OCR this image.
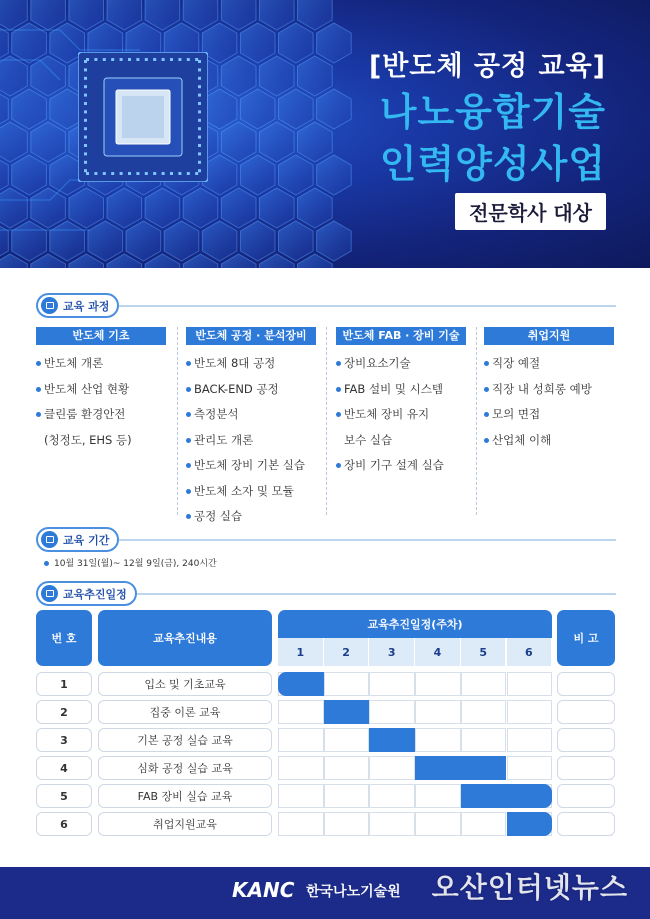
[반도체 공정 교육]
나노융합기술
인력양성사업
전문학사 대상
교육 과정
반도체 기초
반도체 개론
반도체 산업 현황
클린룸 환경안전
(청정도, EHS 등)
반도체 공정 · 분석장비
반도체 8대 공정
BACK-END 공정
측정분석
관리도 개론
반도체 장비 기본 실습
반도체 소자 및 모듈
공정 실습
반도체 FAB · 장비 기술
장비요소기술
FAB 설비 및 시스템
반도체 장비 유지
보수 실습
장비 기구 설계 실습
취업지원
직장 예절
직장 내 성희롱 예방
모의 면접
산업체 이해
교육 기간
10월 31일(월)~ 12월 9일(금), 240시간
교육추진일정
번 호	교육추진내용
교육추진일정(주차)
비 고
1	2	3	4	5	6
1	입소 및 기초교육
2	집중 이론 교육
3	기본 공정 실습 교육
4	심화 공정 실습 교육
5	FAB 장비 실습 교육
6	취업지원교육
KANC 한국나노기술원 오산인터넷뉴스
